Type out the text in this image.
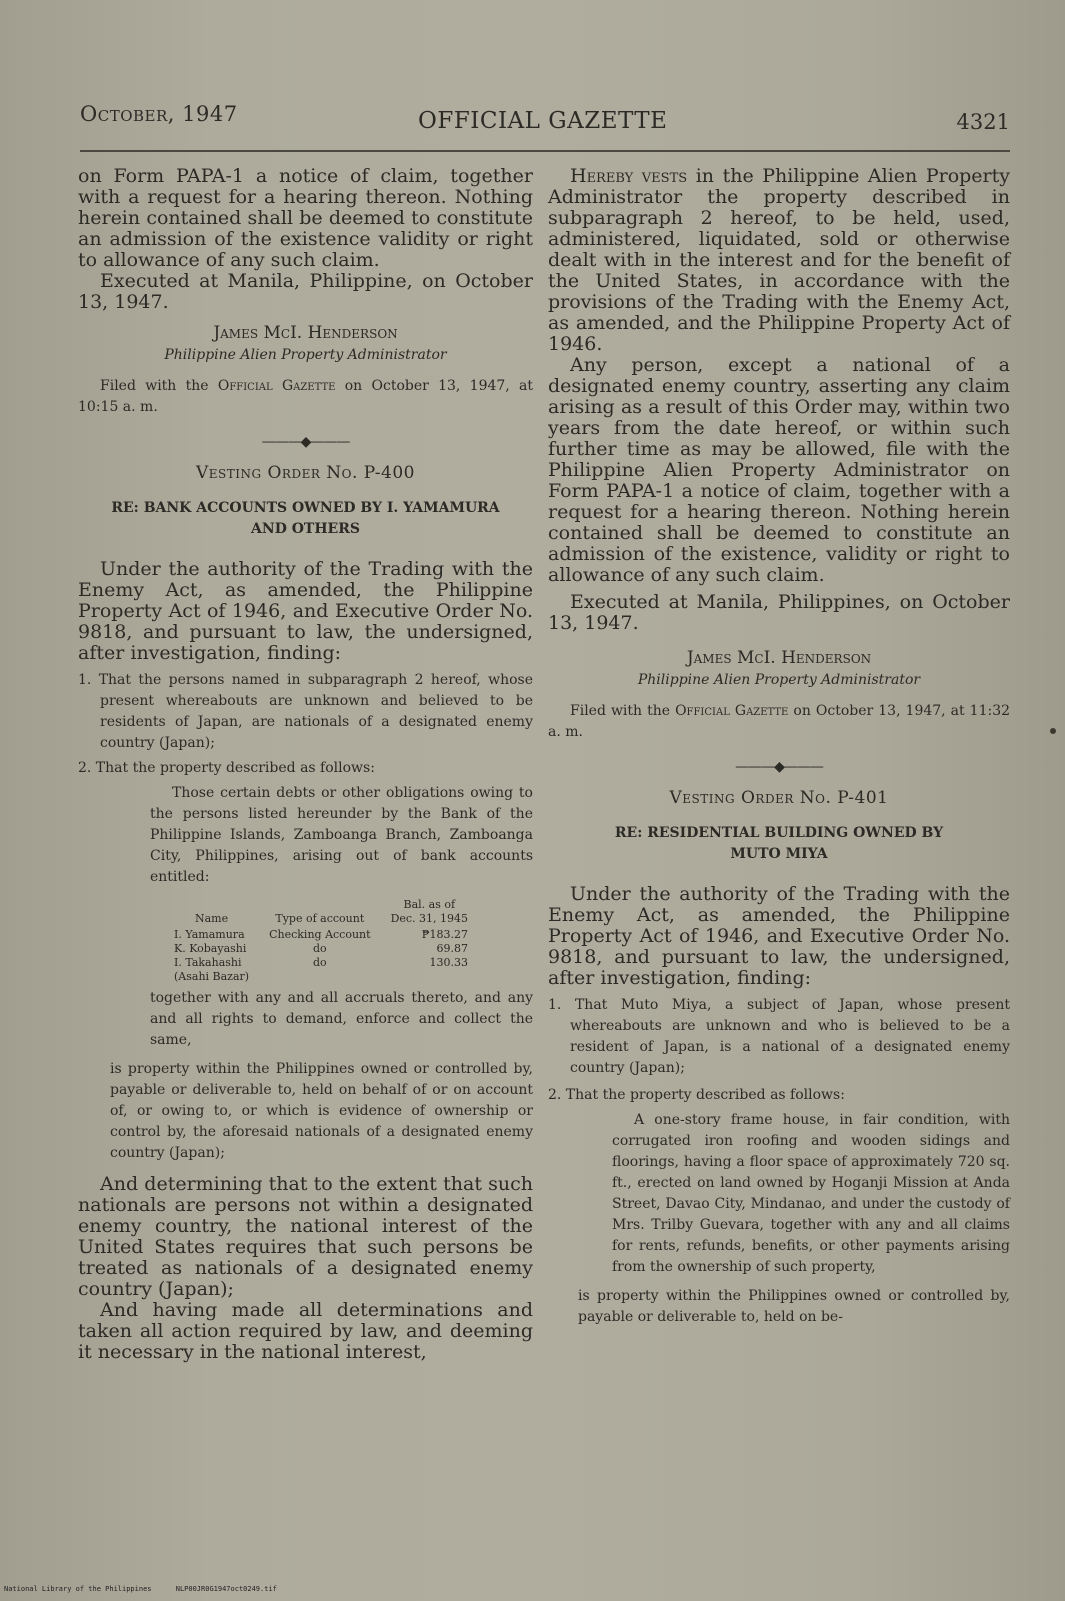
October, 1947	OFFICIAL GAZETTE	4321

on Form PAPA-1 a notice of claim, together with a request for a hearing thereon. Nothing herein contained shall be deemed to constitute an admission of the existence validity or right to allowance of any such claim.

Executed at Manila, Philippine, on October 13, 1947.

James McI. Henderson
Philippine Alien Property Administrator
Filed with the Official Gazette on October 13, 1947, at 10:15 a. m.
———◆———
Vesting Order No. P-400
RE: BANK ACCOUNTS OWNED BY I. YAMAMURA
AND OTHERS

Under the authority of the Trading with the Enemy Act, as amended, the Philippine Property Act of 1946, and Executive Order No. 9818, and pursuant to law, the undersigned, after investigation, finding:

1. That the persons named in subparagraph 2 hereof, whose present whereabouts are unknown and believed to be residents of Japan, are nationals of a designated enemy country (Japan);
2. That the property described as follows:
Those certain debts or other obligations owing to the persons listed hereunder by the Bank of the Philippine Islands, Zamboanga Branch, Zamboanga City, Philippines, arising out of bank accounts entitled:
Name	Type of account	Bal. as of
Dec. 31, 1945

I. Yamamura	Checking Account	₱183.27
K. Kobayashi	do	69.87
I. Takahashi	do	130.33
(Asahi Bazar)		
together with any and all accruals thereto, and any and all rights to demand, enforce and collect the same,
is property within the Philippines owned or controlled by, payable or deliverable to, held on behalf of or on account of, or owing to, or which is evidence of ownership or control by, the aforesaid nationals of a designated enemy country (Japan);

And determining that to the extent that such nationals are persons not within a designated enemy country, the national interest of the United States requires that such persons be treated as nationals of a designated enemy country (Japan);

And having made all determinations and taken all action required by law, and deeming it necessary in the national interest,

Hereby vests in the Philippine Alien Property Administrator the property described in subparagraph 2 hereof, to be held, used, administered, liquidated, sold or otherwise dealt with in the interest and for the benefit of the United States, in accordance with the provisions of the Trading with the Enemy Act, as amended, and the Philippine Property Act of 1946.

Any person, except a national of a designated enemy country, asserting any claim arising as a result of this Order may, within two years from the date hereof, or within such further time as may be allowed, file with the Philippine Alien Property Administrator on Form PAPA-1 a notice of claim, together with a request for a hearing thereon. Nothing herein contained shall be deemed to constitute an admission of the existence, validity or right to allowance of any such claim.

Executed at Manila, Philippines, on October 13, 1947.

James McI. Henderson
Philippine Alien Property Administrator
Filed with the Official Gazette on October 13, 1947, at 11:32 a. m.
———◆———
Vesting Order No. P-401
RE: RESIDENTIAL BUILDING OWNED BY
MUTO MIYA

Under the authority of the Trading with the Enemy Act, as amended, the Philippine Property Act of 1946, and Executive Order No. 9818, and pursuant to law, the undersigned, after investigation, finding:

1. That Muto Miya, a subject of Japan, whose present whereabouts are unknown and who is believed to be a resident of Japan, is a national of a designated enemy country (Japan);
2. That the property described as follows:
A one-story frame house, in fair condition, with corrugated iron roofing and wooden sidings and floorings, having a floor space of approximately 720 sq. ft., erected on land owned by Hoganji Mission at Anda Street, Davao City, Mindanao, and under the custody of Mrs. Trilby Guevara, together with any and all claims for rents, refunds, benefits, or other payments arising from the ownership of such property,
is property within the Philippines owned or controlled by, payable or deliverable to, held on be-
National Library of the Philippines	NLP00JR0G1947oct0249.tif
